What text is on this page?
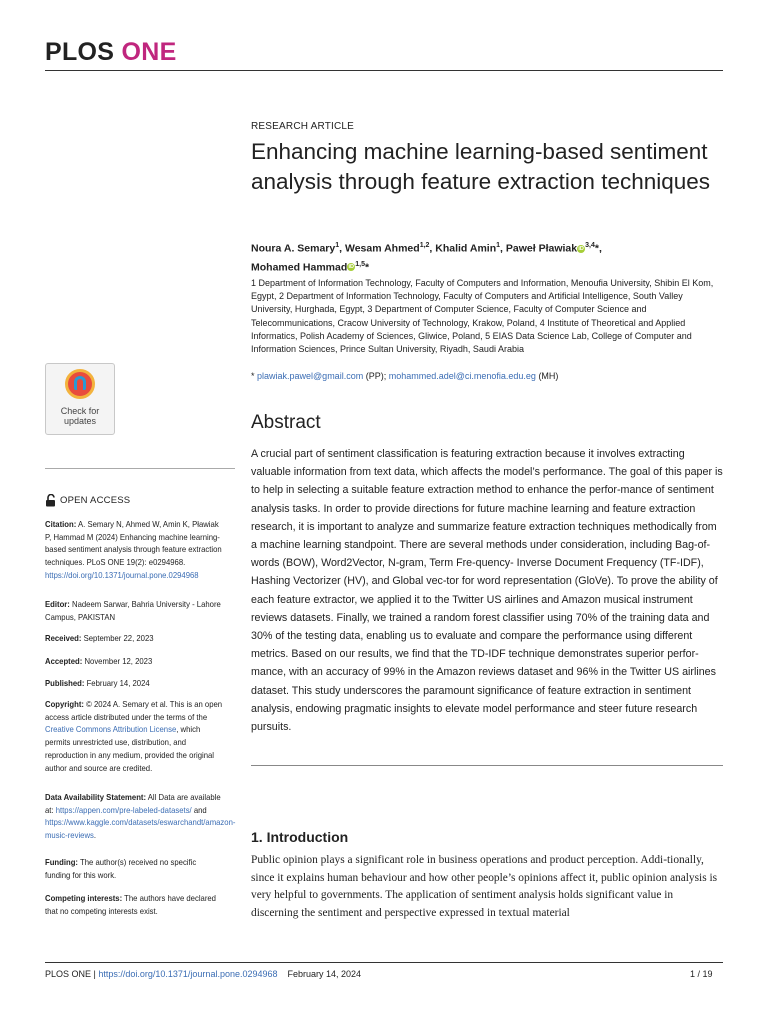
PLOS ONE
RESEARCH ARTICLE
Enhancing machine learning-based sentiment analysis through feature extraction techniques
Noura A. Semary$^1$, Wesam Ahmed$^{1,2}$, Khalid Amin$^1$, Paweł PławiakiD$^{3,4}$*,
Mohamed HammadiD$^{1,5}$*
1 Department of Information Technology, Faculty of Computers and Information, Menoufia University, Shibin El Kom, Egypt, 2 Department of Information Technology, Faculty of Computers and Artificial Intelligence, South Valley University, Hurghada, Egypt, 3 Department of Computer Science, Faculty of Computer Science and Telecommunications, Cracow University of Technology, Krakow, Poland, 4 Institute of Theoretical and Applied Informatics, Polish Academy of Sciences, Gliwice, Poland, 5 EIAS Data Science Lab, College of Computer and Information Sciences, Prince Sultan University, Riyadh, Saudi Arabia
* plawiak.pawel@gmail.com (PP); mohammed.adel@ci.menofia.edu.eg (MH)
Abstract

A crucial part of sentiment classification is featuring extraction because it involves extracting valuable information from text data, which affects the model’s performance. The goal of this paper is to help in selecting a suitable feature extraction method to enhance the perfor-mance of sentiment analysis tasks. In order to provide directions for future machine learning and feature extraction research, it is important to analyze and summarize feature extraction techniques methodically from a machine learning standpoint. There are several methods under consideration, including Bag-of-words (BOW), Word2Vector, N-gram, Term Fre-quency- Inverse Document Frequency (TF-IDF), Hashing Vectorizer (HV), and Global vec-tor for word representation (GloVe). To prove the ability of each feature extractor, we applied it to the Twitter US airlines and Amazon musical instrument reviews datasets. Finally, we trained a random forest classifier using 70% of the training data and 30% of the testing data, enabling us to evaluate and compare the performance using different metrics. Based on our results, we find that the TD-IDF technique demonstrates superior perfor-mance, with an accuracy of 99% in the Amazon reviews dataset and 96% in the Twitter US airlines dataset. This study underscores the paramount significance of feature extraction in sentiment analysis, endowing pragmatic insights to elevate model performance and steer future research pursuits.

1. Introduction

Public opinion plays a significant role in business operations and product perception. Addi-tionally, since it explains human behaviour and how other people’s opinions affect it, public opinion analysis is very helpful to governments. The application of sentiment analysis holds significant value in discerning the sentiment and perspective expressed in textual material

Check for
updates
OPEN ACCESS
Citation: A. Semary N, Ahmed W, Amin K, Pławiak P, Hammad M (2024) Enhancing machine learning-based sentiment analysis through feature extraction techniques. PLoS ONE 19(2): e0294968. https://doi.org/10.1371/journal.pone.0294968
Editor: Nadeem Sarwar, Bahria University - Lahore Campus, PAKISTAN
Received: September 22, 2023
Accepted: November 12, 2023
Published: February 14, 2024
Copyright: © 2024 A. Semary et al. This is an open access article distributed under the terms of the Creative Commons Attribution License, which permits unrestricted use, distribution, and reproduction in any medium, provided the original author and source are credited.
Data Availability Statement: All Data are available at: https://appen.com/pre-labeled-datasets/ and https://www.kaggle.com/datasets/eswarchandt/amazon-music-reviews.
Funding: The author(s) received no specific funding for this work.
Competing interests: The authors have declared that no competing interests exist.
PLOS ONE | https://doi.org/10.1371/journal.pone.0294968    February 14, 2024	1 / 19
